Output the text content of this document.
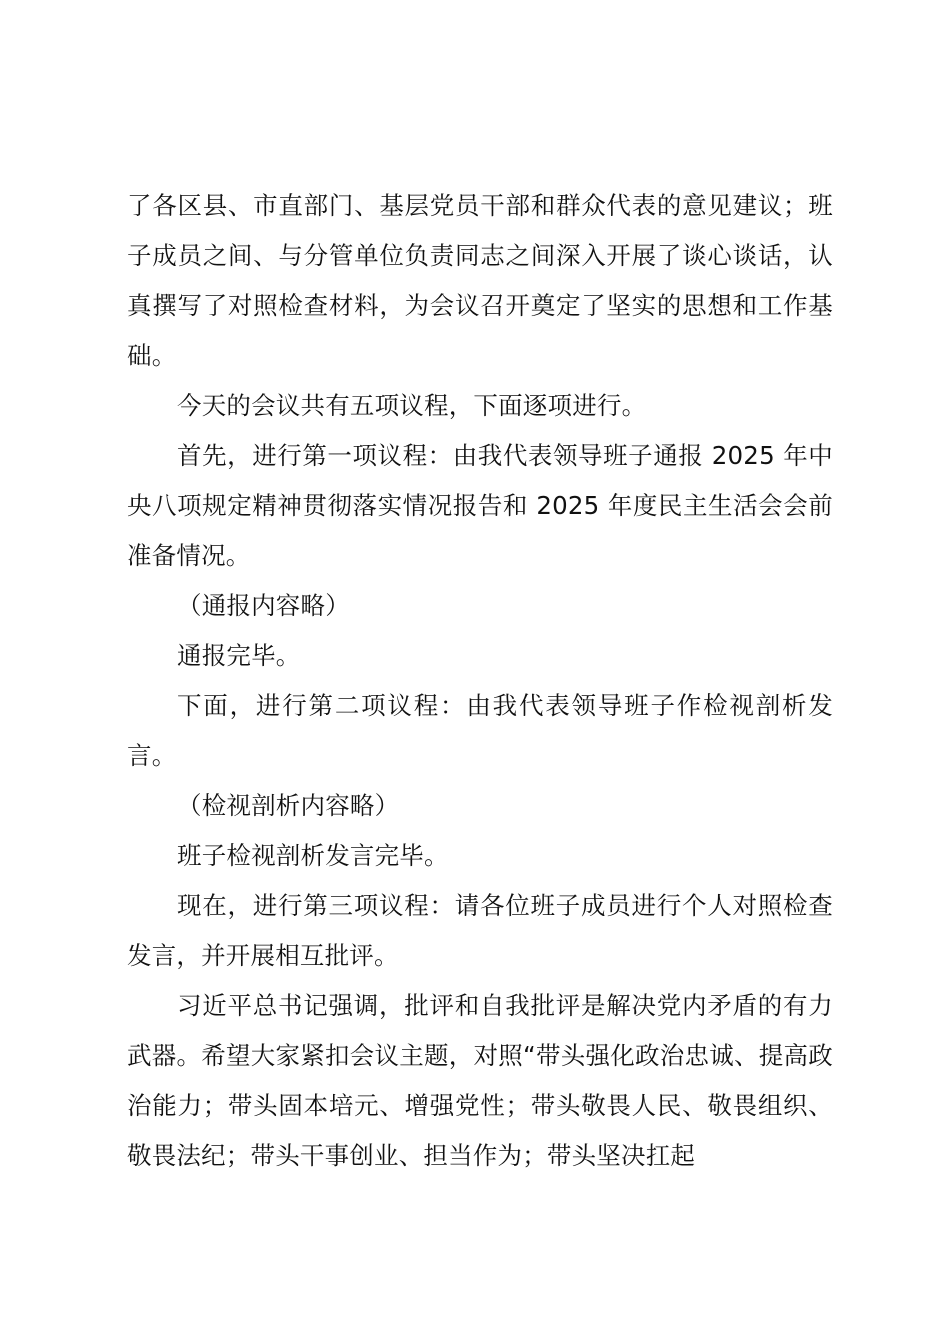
了各区县、市直部门、基层党员干部和群众代表的意见建议；班子成员之间、与分管单位负责同志之间深入开展了谈心谈话，认真撰写了对照检查材料，为会议召开奠定了坚实的思想和工作基础。

今天的会议共有五项议程，下面逐项进行。

首先，进行第一项议程：由我代表领导班子通报 2025 年中央八项规定精神贯彻落实情况报告和 2025 年度民主生活会会前准备情况。

（通报内容略）

通报完毕。

下面，进行第二项议程：由我代表领导班子作检视剖析发言。

（检视剖析内容略）

班子检视剖析发言完毕。

现在，进行第三项议程：请各位班子成员进行个人对照检查发言，并开展相互批评。

习近平总书记强调，批评和自我批评是解决党内矛盾的有力武器。希望大家紧扣会议主题，对照“带头强化政治忠诚、提高政治能力；带头固本培元、增强党性；带头敬畏人民、敬畏组织、敬畏法纪；带头干事创业、担当作为；带头坚决扛起
